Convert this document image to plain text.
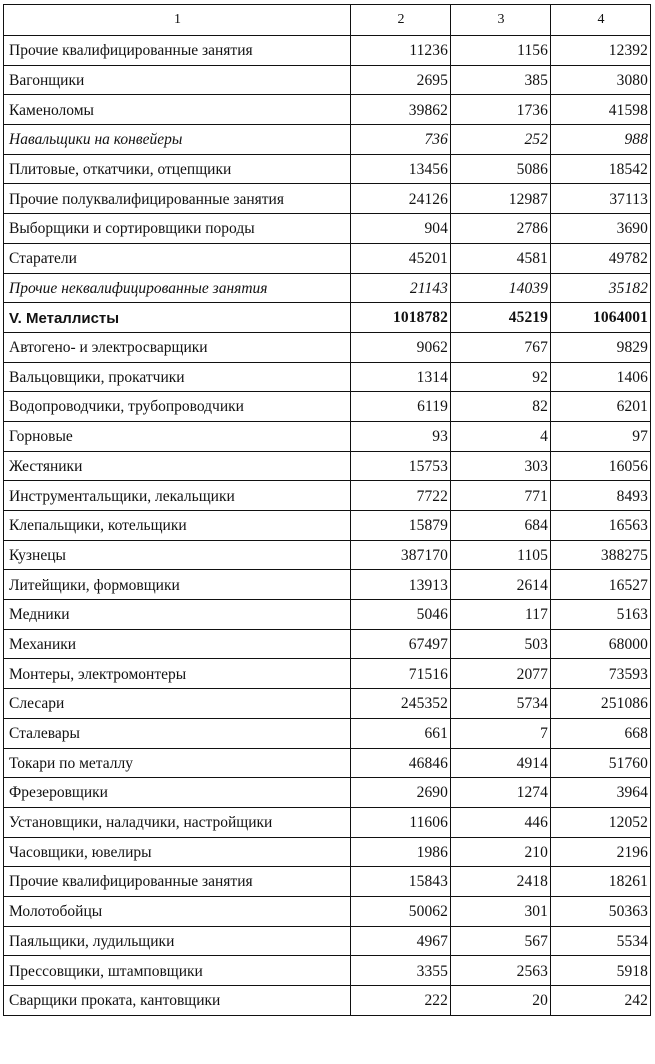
1	2	3	4
Прочие квалифицированные занятия	11236	1156	12392
Вагонщики	2695	385	3080
Каменоломы	39862	1736	41598
Навальщики на конвейеры	736	252	988
Плитовые, откатчики, отцепщики	13456	5086	18542
Прочие полуквалифицированные занятия	24126	12987	37113
Выборщики и сортировщики породы	904	2786	3690
Старатели	45201	4581	49782
Прочие неквалифицированные занятия	21143	14039	35182
V. Металлисты	1018782	45219	1064001
Автогено- и электросварщики	9062	767	9829
Вальцовщики, прокатчики	1314	92	1406
Водопроводчики, трубопроводчики	6119	82	6201
Горновые	93	4	97
Жестяники	15753	303	16056
Инструментальщики, лекальщики	7722	771	8493
Клепальщики, котельщики	15879	684	16563
Кузнецы	387170	1105	388275
Литейщики, формовщики	13913	2614	16527
Медники	5046	117	5163
Механики	67497	503	68000
Монтеры, электромонтеры	71516	2077	73593
Слесари	245352	5734	251086
Сталевары	661	7	668
Токари по металлу	46846	4914	51760
Фрезеровщики	2690	1274	3964
Установщики, наладчики, настройщики	11606	446	12052
Часовщики, ювелиры	1986	210	2196
Прочие квалифицированные занятия	15843	2418	18261
Молотобойцы	50062	301	50363
Паяльщики, лудильщики	4967	567	5534
Прессовщики, штамповщики	3355	2563	5918
Сварщики проката, кантовщики	222	20	242
